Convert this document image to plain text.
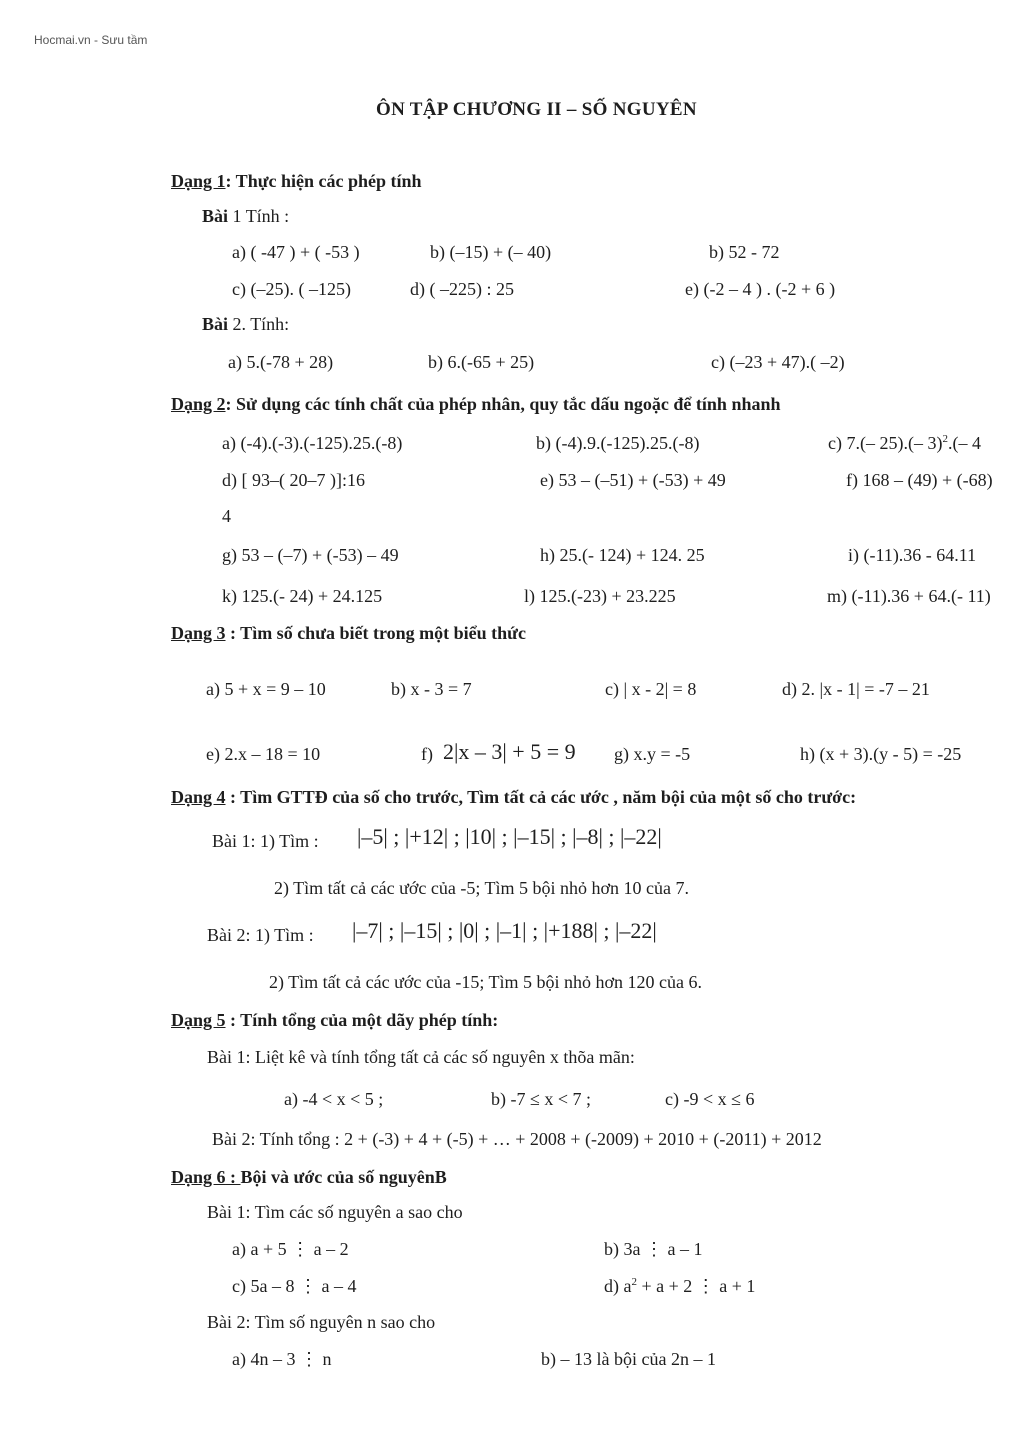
Hocmai.vn - Sưu tầm
ÔN TẬP CHƯƠNG II – SỐ NGUYÊN
Dạng 1: Thực hiện các phép tính
Bài 1 Tính :
a) ( -47 ) + ( -53 )	b) (–15) + (– 40)	b) 52 - 72
c) (–25). ( –125)	d) ( –225) : 25	e) (-2 – 4 ) . (-2 + 6 )
Bài 2. Tính:
a) 5.(-78 + 28)	b) 6.(-65 + 25)	c) (–23 + 47).( –2)
Dạng 2: Sử dụng các tính chất của phép nhân, quy tắc dấu ngoặc để tính nhanh
a) (-4).(-3).(-125).25.(-8)	b) (-4).9.(-125).25.(-8)	c) 7.(– 25).(– 3)$^2$.(– 4
d) [ 93–( 20–7 )]:16	e) 53 – (–51) + (-53) + 49	f) 168 – (49) + (-68)
4
g) 53 – (–7) + (-53) – 49	h) 25.(- 124) + 124. 25	i) (-11).36 - 64.11
k) 125.(- 24) + 24.125	l) 125.(-23) + 23.225	m) (-11).36 + 64.(- 11)
Dạng 3 : Tìm số chưa biết trong một biểu thức
a) 5 + x = 9 – 10	b) x - 3 = 7	c) | x - 2| = 8	d) 2. |x - 1| = -7 – 21
e) 2.x – 18 = 10	f) 2|x – 3| + 5 = 9 g) x.y = -5	h) (x + 3).(y - 5) = -25
Dạng 4 : Tìm GTTĐ của số cho trước, Tìm tất cả các ước , năm bội của một số cho trước:
Bài 1: 1) Tìm : |–5| ; |+12| ; |10| ; |–15| ; |–8| ; |–22|
2) Tìm tất cả các ước của -5; Tìm 5 bội nhỏ hơn 10 của 7.
Bài 2: 1) Tìm : |–7| ; |–15| ; |0| ; |–1| ; |+188| ; |–22|
2) Tìm tất cả các ước của -15; Tìm 5 bội nhỏ hơn 120 của 6.
Dạng 5 : Tính tổng của một dãy phép tính:
Bài 1: Liệt kê và tính tổng tất cả các số nguyên x thõa mãn:
a) -4 < x < 5 ;	b) -7 ≤ x < 7 ;	c) -9 < x ≤ 6
Bài 2: Tính tổng : 2 + (-3) + 4 + (-5) + … + 2008 + (-2009) + 2010 + (-2011) + 2012
Dạng 6 : Bội và ước của số nguyênB
Bài 1: Tìm các số nguyên a sao cho
a) a + 5 ⋮ a – 2	b) 3a ⋮ a – 1
c) 5a – 8 ⋮ a – 4	d) $a^2 + a + 2$ ⋮ a + 1
Bài 2: Tìm số nguyên n sao cho
a) 4n – 3 ⋮ n	b) – 13 là bội của 2n – 1
